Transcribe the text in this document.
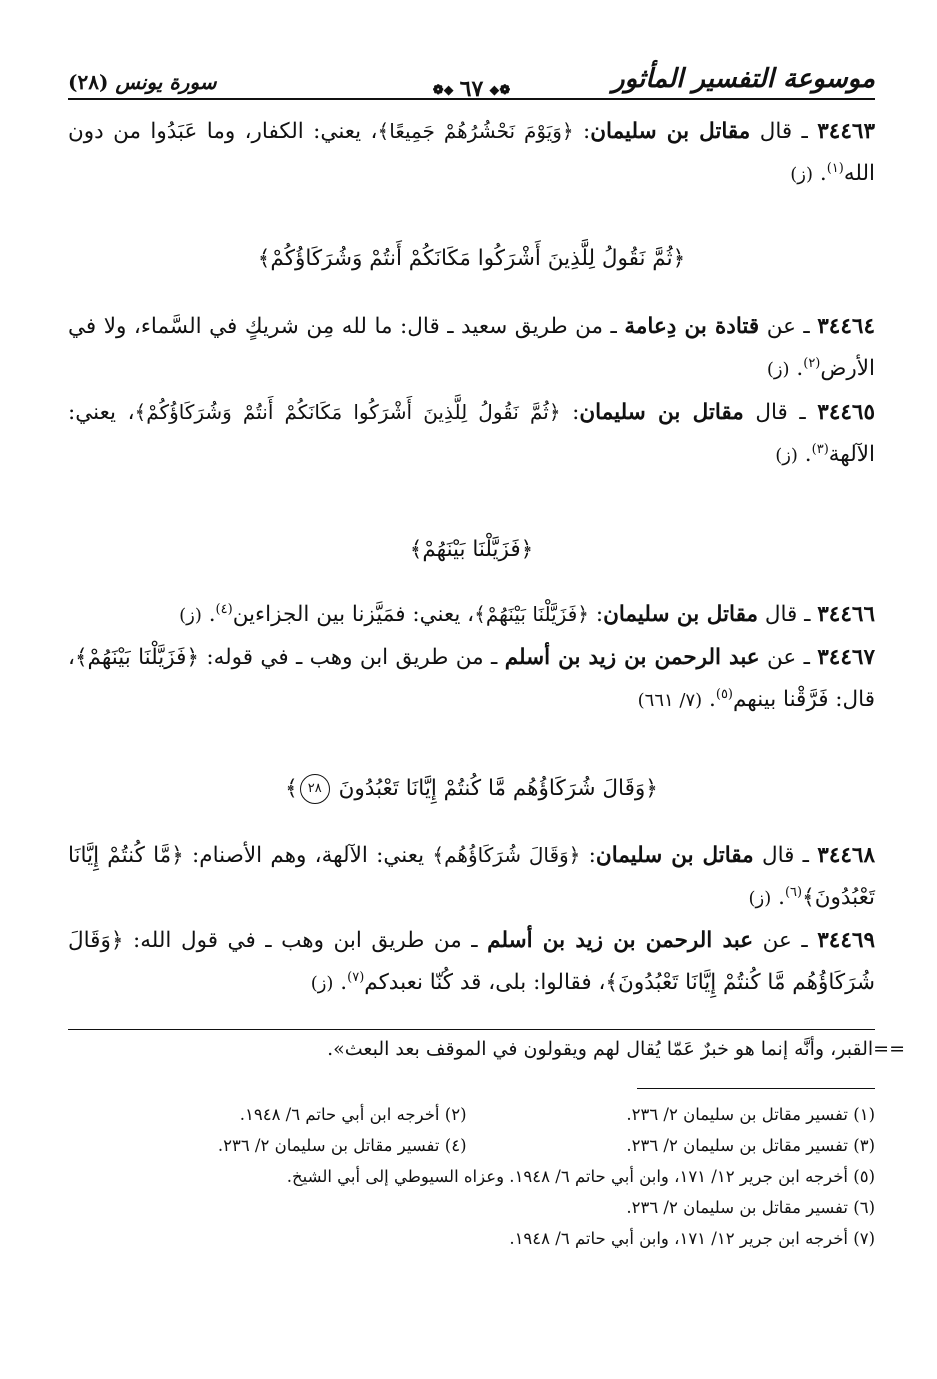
موسوعة التفسير المأثور
❁◆ ٦٧ ◆❁
سورة يونس (٢٨)

٣٤٤٦٣ ـ قال مقاتل بن سليمان: ﴿وَيَوْمَ نَحْشُرُهُمْ جَمِيعًا﴾، يعني: الكفار، وما عَبَدُوا من دون الله$^{(١)}$. (ز)

﴿ثُمَّ نَقُولُ لِلَّذِينَ أَشْرَكُوا مَكَانَكُمْ أَنتُمْ وَشُرَكَاؤُكُمْ﴾

٣٤٤٦٤ ـ عن قتادة بن دِعامة ـ من طريق سعيد ـ قال: ما لله مِن شريكٍ في السَّماء، ولا في الأرض$^{(٢)}$. (ز)

٣٤٤٦٥ ـ قال مقاتل بن سليمان: ﴿ثُمَّ نَقُولُ لِلَّذِينَ أَشْرَكُوا مَكَانَكُمْ أَنتُمْ وَشُرَكَاؤُكُمْ﴾، يعني: الآلهة$^{(٣)}$. (ز)

﴿فَزَيَّلْنَا بَيْنَهُمْ﴾

٣٤٤٦٦ ـ قال مقاتل بن سليمان: ﴿فَزَيَّلْنَا بَيْنَهُمْ﴾، يعني: فمَيَّزنا بين الجزاءين$^{(٤)}$. (ز)

٣٤٤٦٧ ـ عن عبد الرحمن بن زيد بن أسلم ـ من طريق ابن وهب ـ في قوله: ﴿فَزَيَّلْنَا بَيْنَهُمْ﴾، قال: فَرَّقْنا بينهم$^{(٥)}$. (٧/ ٦٦١)

﴿وَقَالَ شُرَكَاؤُهُم مَّا كُنتُمْ إِيَّانَا تَعْبُدُونَ ٢٨﴾

٣٤٤٦٨ ـ قال مقاتل بن سليمان: ﴿وَقَالَ شُرَكَاؤُهُم﴾ يعني: الآلهة، وهم الأصنام: ﴿مَّا كُنتُمْ إِيَّانَا تَعْبُدُونَ﴾$^{(٦)}$. (ز)

٣٤٤٦٩ ـ عن عبد الرحمن بن زيد بن أسلم ـ من طريق ابن وهب ـ في قول الله: ﴿وَقَالَ شُرَكَاؤُهُم مَّا كُنتُمْ إِيَّانَا تَعْبُدُونَ﴾، فقالوا: بلى، قد كُنّا نعبدكم$^{(٧)}$. (ز)

==القبر، وأنَّه إنما هو خبرٌ عَمّا يُقال لهم ويقولون في الموقف بعد البعث».
(١) تفسير مقاتل بن سليمان ٢/ ٢٣٦.
(٢) أخرجه ابن أبي حاتم ٦/ ١٩٤٨.
(٣) تفسير مقاتل بن سليمان ٢/ ٢٣٦.
(٤) تفسير مقاتل بن سليمان ٢/ ٢٣٦.
(٥) أخرجه ابن جرير ١٢/ ١٧١، وابن أبي حاتم ٦/ ١٩٤٨. وعزاه السيوطي إلى أبي الشيخ.
(٦) تفسير مقاتل بن سليمان ٢/ ٢٣٦.
(٧) أخرجه ابن جرير ١٢/ ١٧١، وابن أبي حاتم ٦/ ١٩٤٨.
